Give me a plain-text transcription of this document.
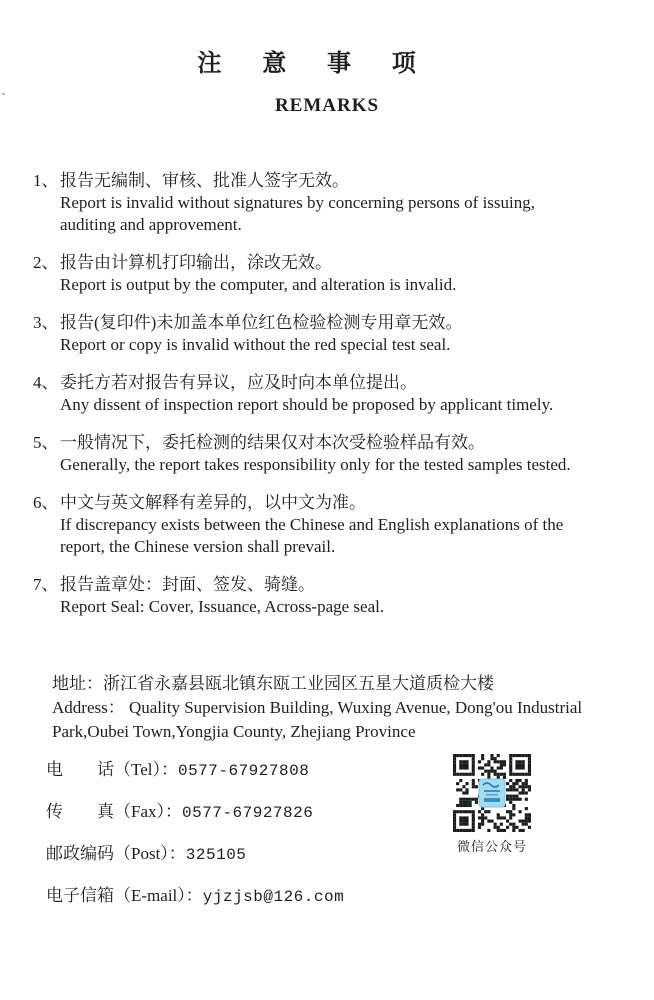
注意事项
REMARKS
1、 报告无编制、审核、批准人签字无效。
Report is invalid without signatures by concerning persons of issuing,
auditing and approvement.
2、 报告由计算机打印输出，涂改无效。
Report is output by the computer, and alteration is invalid.
3、 报告(复印件)未加盖本单位红色检验检测专用章无效。
Report or copy is invalid without the red special test seal.
4、 委托方若对报告有异议，应及时向本单位提出。
Any dissent of inspection report should be proposed by applicant timely.
5、 一般情况下，委托检测的结果仅对本次受检验样品有效。
Generally, the report takes responsibility only for the tested samples tested.
6、 中文与英文解释有差异的，以中文为准。
If discrepancy exists between the Chinese and English explanations of the
report, the Chinese version shall prevail.
7、 报告盖章处：封面、签发、骑缝。
Report Seal: Cover, Issuance, Across-page seal.
地址：浙江省永嘉县瓯北镇东瓯工业园区五星大道质检大楼
Address： Quality Supervision Building, Wuxing Avenue, Dong'ou Industrial
Park,Oubei Town,Yongjia County, Zhejiang Province
电　　话（Tel）：0577-67927808
传　　真（Fax）：0577-67927826
邮政编码（Post）：325105
电子信箱（E-mail）：yjzjsb@126.com
微信公众号
